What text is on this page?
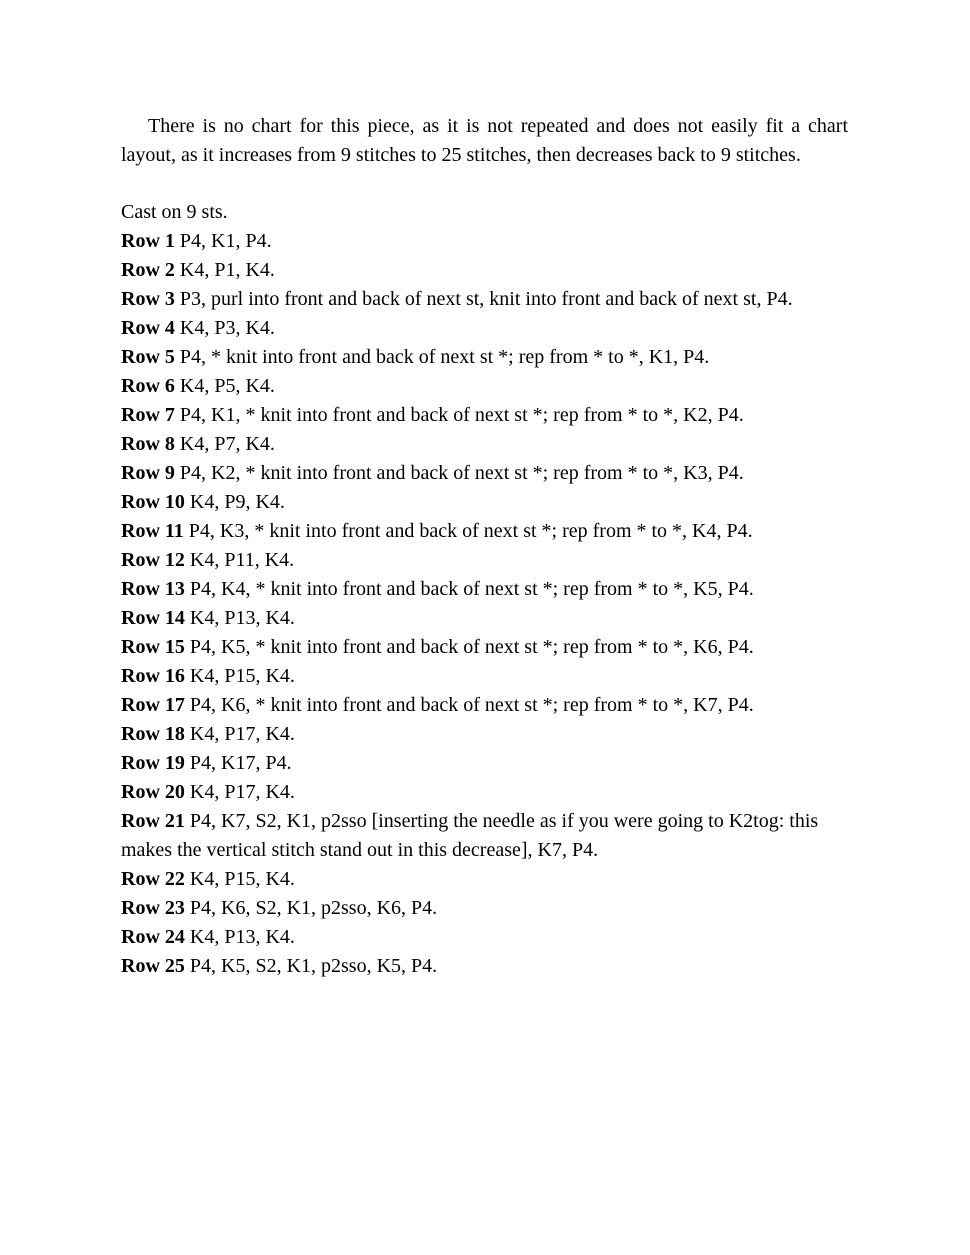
There is no chart for this piece, as it is not repeated and does not easily fit a chart layout, as it increases from 9 stitches to 25 stitches, then decreases back to 9 stitches.

Cast on 9 sts.

Row 1 P4, K1, P4.

Row 2 K4, P1, K4.

Row 3 P3, purl into front and back of next st, knit into front and back of next st, P4.

Row 4 K4, P3, K4.

Row 5 P4, * knit into front and back of next st *; rep from * to *, K1, P4.

Row 6 K4, P5, K4.

Row 7 P4, K1, * knit into front and back of next st *; rep from * to *, K2, P4.

Row 8 K4, P7, K4.

Row 9 P4, K2, * knit into front and back of next st *; rep from * to *, K3, P4.

Row 10 K4, P9, K4.

Row 11 P4, K3, * knit into front and back of next st *; rep from * to *, K4, P4.

Row 12 K4, P11, K4.

Row 13 P4, K4, * knit into front and back of next st *; rep from * to *, K5, P4.

Row 14 K4, P13, K4.

Row 15 P4, K5, * knit into front and back of next st *; rep from * to *, K6, P4.

Row 16 K4, P15, K4.

Row 17 P4, K6, * knit into front and back of next st *; rep from * to *, K7, P4.

Row 18 K4, P17, K4.

Row 19 P4, K17, P4.

Row 20 K4, P17, K4.

Row 21 P4, K7, S2, K1, p2sso [inserting the needle as if you were going to K2tog: this makes the vertical stitch stand out in this decrease], K7, P4.

Row 22 K4, P15, K4.

Row 23 P4, K6, S2, K1, p2sso, K6, P4.

Row 24 K4, P13, K4.

Row 25 P4, K5, S2, K1, p2sso, K5, P4.
